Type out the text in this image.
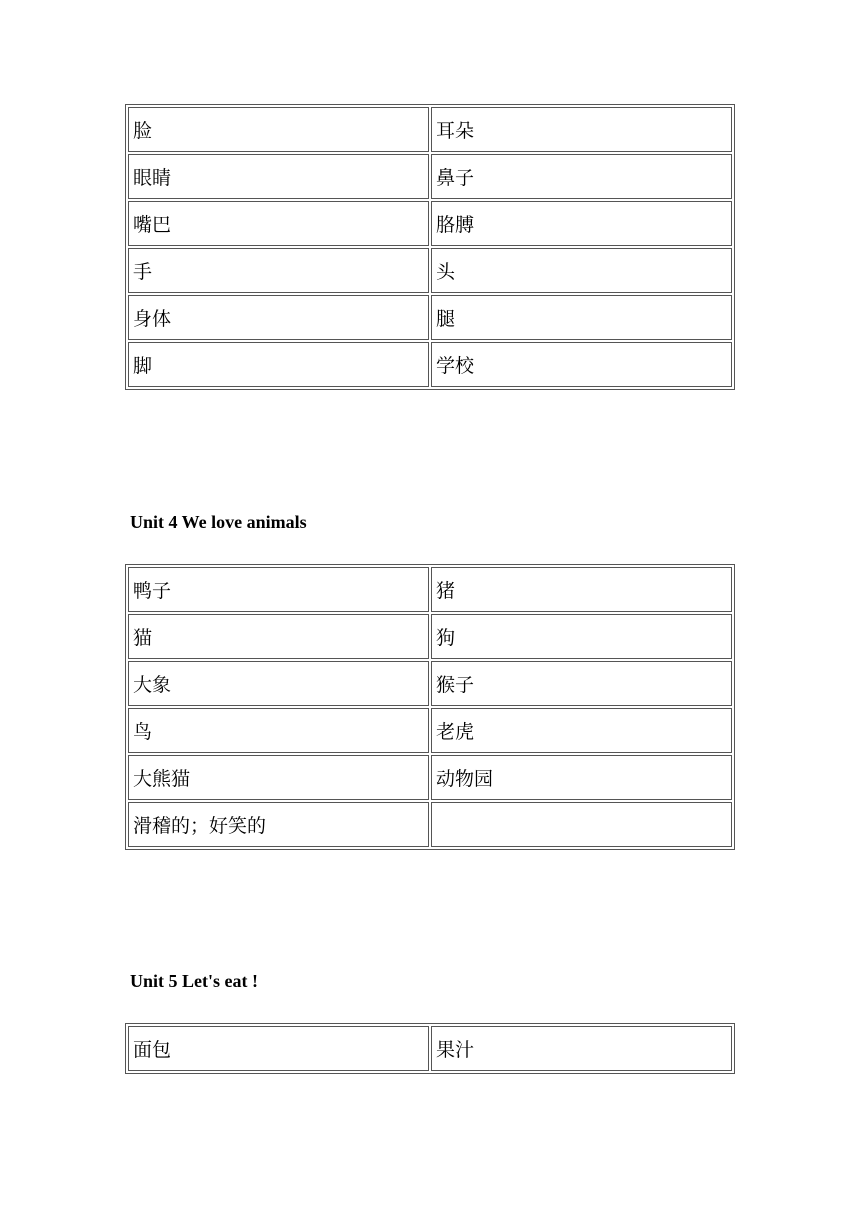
脸	耳朵
眼睛	鼻子
嘴巴	胳膊
手	头
身体	腿
脚	学校
Unit 4 We love animals
鸭子	猪
猫	狗
大象	猴子
鸟	老虎
大熊猫	动物园
滑稽的；好笑的	
Unit 5 Let's eat !
面包	果汁
